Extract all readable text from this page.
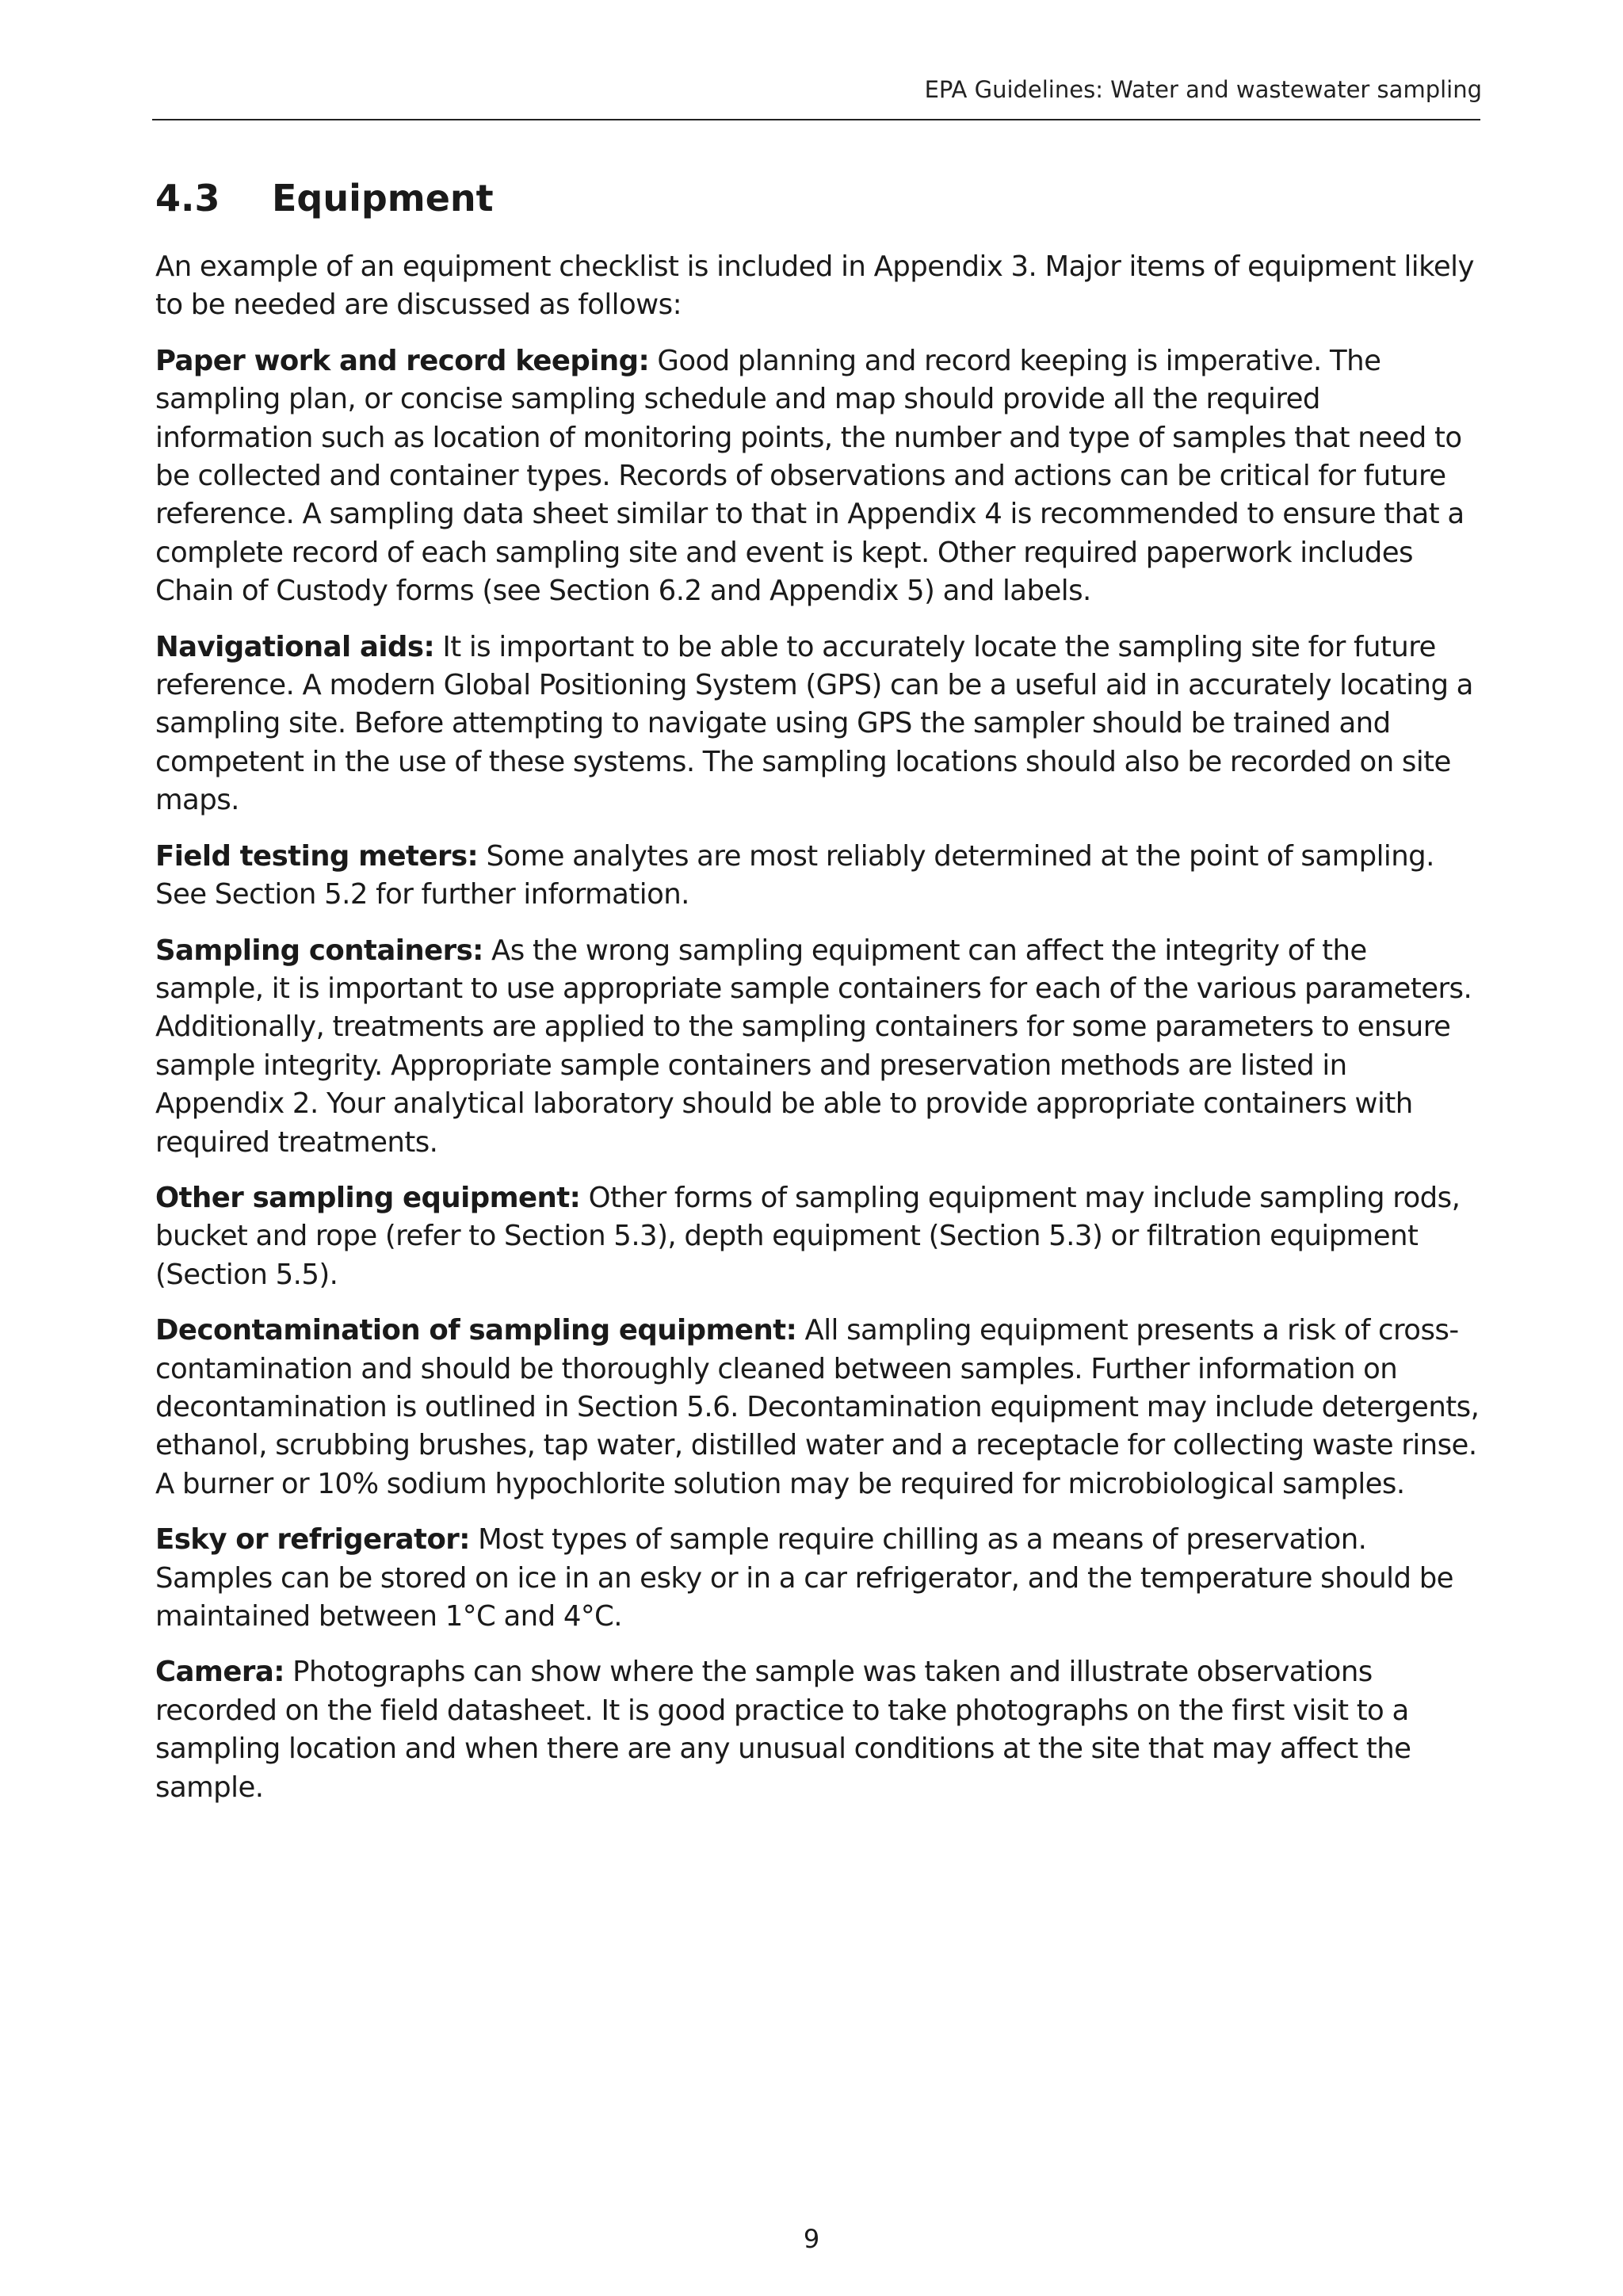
EPA Guidelines: Water and wastewater sampling
4.3 Equipment

An example of an equipment checklist is included in Appendix 3. Major items of equipment likely to be needed are discussed as follows:

Paper work and record keeping: Good planning and record keeping is imperative. The sampling plan, or concise sampling schedule and map should provide all the required information such as location of monitoring points, the number and type of samples that need to be collected and container types. Records of observations and actions can be critical for future reference. A sampling data sheet similar to that in Appendix 4 is recommended to ensure that a complete record of each sampling site and event is kept. Other required paperwork includes Chain of Custody forms (see Section 6.2 and Appendix 5) and labels.

Navigational aids: It is important to be able to accurately locate the sampling site for future reference. A modern Global Positioning System (GPS) can be a useful aid in accurately locating a sampling site. Before attempting to navigate using GPS the sampler should be trained and competent in the use of these systems. The sampling locations should also be recorded on site maps.

Field testing meters: Some analytes are most reliably determined at the point of sampling. See Section 5.2 for further information.

Sampling containers: As the wrong sampling equipment can affect the integrity of the sample, it is important to use appropriate sample containers for each of the various parameters. Additionally, treatments are applied to the sampling containers for some parameters to ensure sample integrity. Appropriate sample containers and preservation methods are listed in Appendix 2. Your analytical laboratory should be able to provide appropriate containers with required treatments.

Other sampling equipment: Other forms of sampling equipment may include sampling rods, bucket and rope (refer to Section 5.3), depth equipment (Section 5.3) or filtration equipment (Section 5.5).

Decontamination of sampling equipment: All sampling equipment presents a risk of cross-contamination and should be thoroughly cleaned between samples. Further information on decontamination is outlined in Section 5.6. Decontamination equipment may include detergents, ethanol, scrubbing brushes, tap water, distilled water and a receptacle for collecting waste rinse. A burner or 10% sodium hypochlorite solution may be required for microbiological samples.

Esky or refrigerator: Most types of sample require chilling as a means of preservation. Samples can be stored on ice in an esky or in a car refrigerator, and the temperature should be maintained between 1°C and 4°C.

Camera: Photographs can show where the sample was taken and illustrate observations recorded on the field datasheet. It is good practice to take photographs on the first visit to a sampling location and when there are any unusual conditions at the site that may affect the sample.

9
